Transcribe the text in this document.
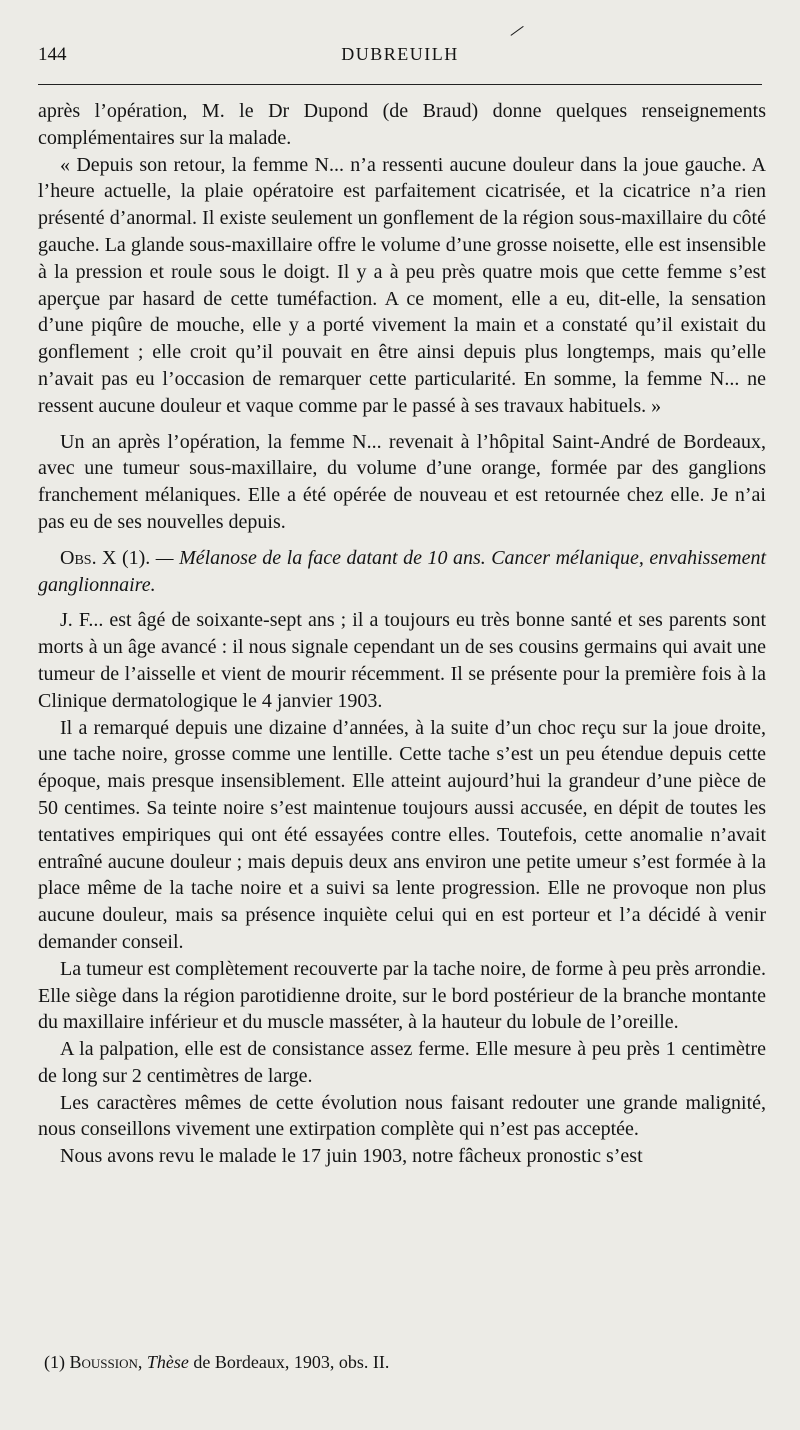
144	DUBREUILH
/

après l’opération, M. le Dr Dupond (de Braud) donne quelques renseignements complémentaires sur la malade.

« Depuis son retour, la femme N... n’a ressenti aucune douleur dans la joue gauche. A l’heure actuelle, la plaie opératoire est parfaitement cicatrisée, et la cicatrice n’a rien présenté d’anormal. Il existe seulement un gonflement de la région sous-maxillaire du côté gauche. La glande sous-maxillaire offre le volume d’une grosse noisette, elle est insensible à la pression et roule sous le doigt. Il y a à peu près quatre mois que cette femme s’est aperçue par hasard de cette tuméfaction. A ce moment, elle a eu, dit-elle, la sensation d’une piqûre de mouche, elle y a porté vivement la main et a constaté qu’il existait du gonflement ; elle croit qu’il pouvait en être ainsi depuis plus longtemps, mais qu’elle n’avait pas eu l’occasion de remarquer cette particularité. En somme, la femme N... ne ressent aucune douleur et vaque comme par le passé à ses travaux habituels. »

Un an après l’opération, la femme N... revenait à l’hôpital Saint-André de Bordeaux, avec une tumeur sous-maxillaire, du volume d’une orange, formée par des ganglions franchement mélaniques. Elle a été opérée de nouveau et est retournée chez elle. Je n’ai pas eu de ses nouvelles depuis.

Obs. X (1). — Mélanose de la face datant de 10 ans. Cancer mélanique, envahissement ganglionnaire.

J. F... est âgé de soixante-sept ans ; il a toujours eu très bonne santé et ses parents sont morts à un âge avancé : il nous signale cependant un de ses cousins germains qui avait une tumeur de l’aisselle et vient de mourir récemment. Il se présente pour la première fois à la Clinique dermatologique le 4 janvier 1903.

Il a remarqué depuis une dizaine d’années, à la suite d’un choc reçu sur la joue droite, une tache noire, grosse comme une lentille. Cette tache s’est un peu étendue depuis cette époque, mais presque insensiblement. Elle atteint aujourd’hui la grandeur d’une pièce de 50 centimes. Sa teinte noire s’est maintenue toujours aussi accusée, en dépit de toutes les tentatives empiriques qui ont été essayées contre elles. Toutefois, cette anomalie n’avait entraîné aucune douleur ; mais depuis deux ans environ une petite umeur s’est formée à la place même de la tache noire et a suivi sa lente progression. Elle ne provoque non plus aucune douleur, mais sa présence inquiète celui qui en est porteur et l’a décidé à venir demander conseil.

La tumeur est complètement recouverte par la tache noire, de forme à peu près arrondie. Elle siège dans la région parotidienne droite, sur le bord postérieur de la branche montante du maxillaire inférieur et du muscle masséter, à la hauteur du lobule de l’oreille.

A la palpation, elle est de consistance assez ferme. Elle mesure à peu près 1 centimètre de long sur 2 centimètres de large.

Les caractères mêmes de cette évolution nous faisant redouter une grande malignité, nous conseillons vivement une extirpation complète qui n’est pas acceptée.

Nous avons revu le malade le 17 juin 1903, notre fâcheux pronostic s’est

(1) Boussion, Thèse de Bordeaux, 1903, obs. II.
